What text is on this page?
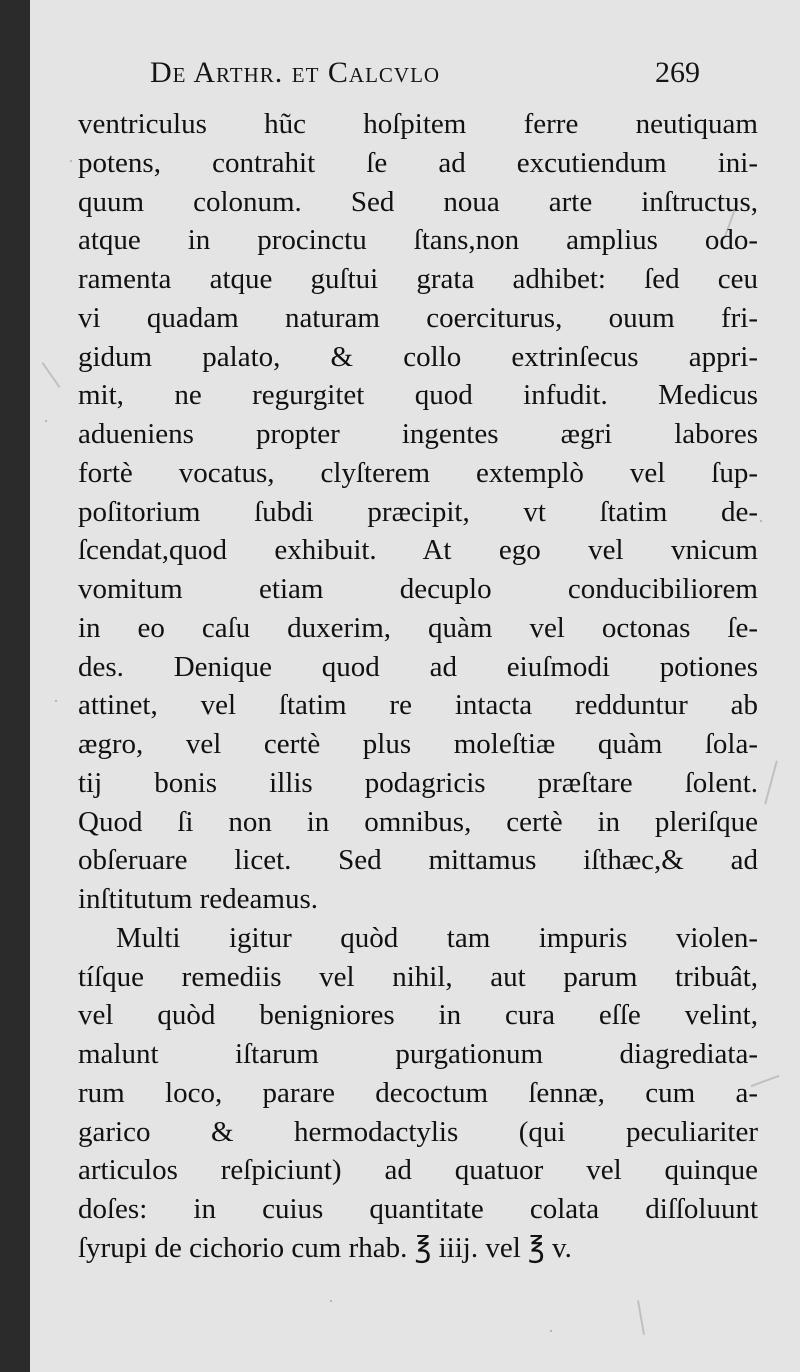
De Arthr. et Calcvlo	269
ventriculus hũc hoſpitem ferre neutiquam
potens, contrahit ſe ad excutiendum ini-
quum colonum. Sed noua arte inſtructus,
atque in procinctu ſtans,non amplius odo-
ramenta atque guſtui grata adhibet: ſed ceu
vi quadam naturam coerciturus, ouum fri-
gidum palato, & collo extrinſecus appri-
mit, ne regurgitet quod infudit. Medicus
adueniens propter ingentes ægri labores
fortè vocatus, clyſterem extemplò vel ſup-
poſitorium ſubdi præcipit, vt ſtatim de-
ſcendat,quod exhibuit. At ego vel vnicum
vomitum etiam decuplo conducibiliorem
in eo caſu duxerim, quàm vel octonas ſe-
des. Denique quod ad eiuſmodi potiones
attinet, vel ſtatim re intacta redduntur ab
ægro, vel certè plus moleſtiæ quàm ſola-
tij bonis illis podagricis præſtare ſolent.
Quod ſi non in omnibus, certè in pleriſque
obſeruare licet. Sed mittamus iſthæc,& ad
inſtitutum redeamus.
Multi igitur quòd tam impuris violen-
tíſque remediis vel nihil, aut parum tribuât,
vel quòd benigniores in cura eſſe velint,
malunt iſtarum purgationum diagrediata-
rum loco, parare decoctum ſennæ, cum a-
garico & hermodactylis (qui peculiariter
articulos reſpiciunt) ad quatuor vel quinque
doſes: in cuius quantitate colata diſſoluunt
ſyrupi de cichorio cum rhab. ℥ iiij. vel ℥ v.
